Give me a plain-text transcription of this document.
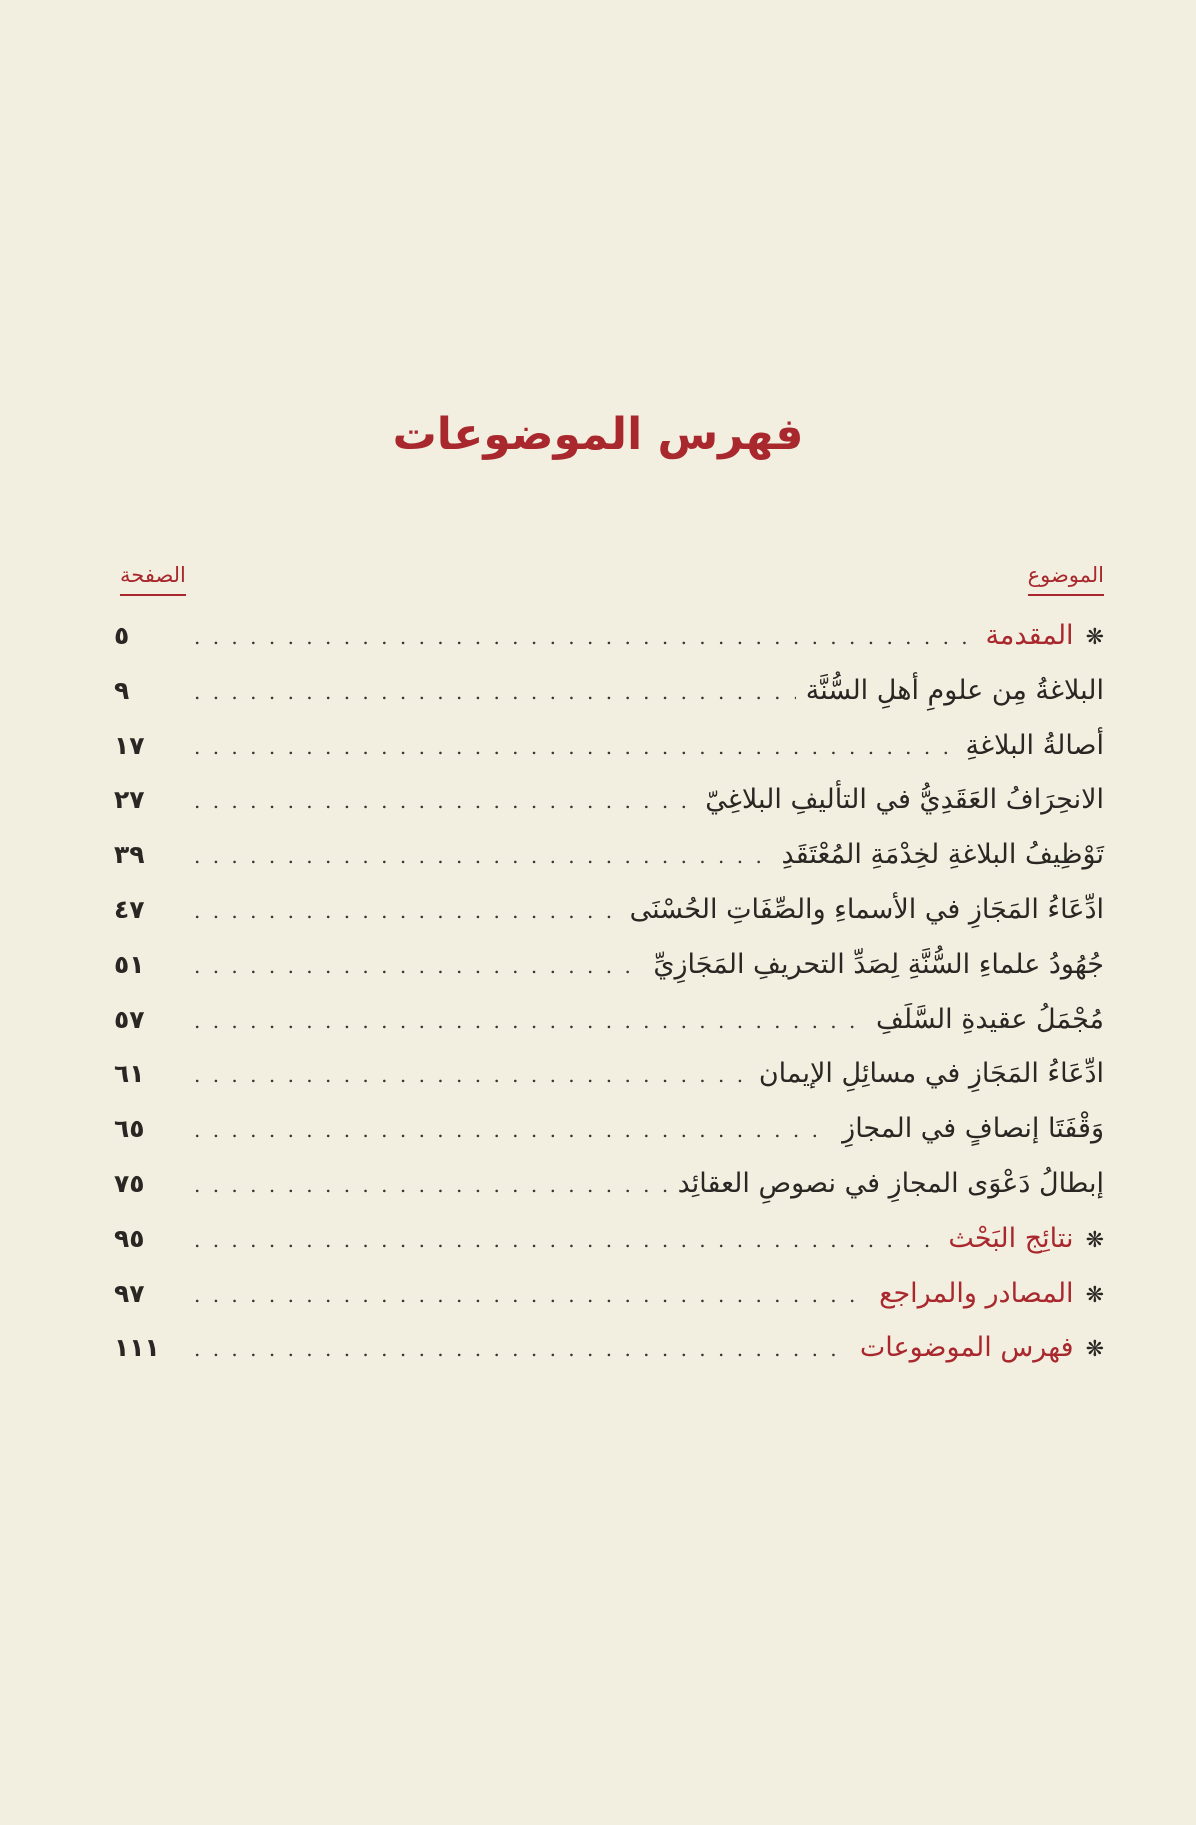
فهرس الموضوعات
الموضوع
الصفحة
❋المقدمة
. . .
٥
البلاغةُ مِن علومِ أهلِ السُّنَّة
. . .
٩
أصالةُ البلاغةِ
. . .
١٧
الانحِرَافُ العَقَدِيُّ في التأليفِ البلاغِيّ
. . .
٢٧
تَوْظِيفُ البلاغةِ لخِدْمَةِ المُعْتَقَدِ
. . .
٣٩
ادِّعَاءُ المَجَازِ في الأسماءِ والصِّفَاتِ الحُسْنَى
. . .
٤٧
جُهُودُ علماءِ السُّنَّةِ لِصَدِّ التحريفِ المَجَازِيِّ
. . .
٥١
مُجْمَلُ عقيدةِ السَّلَفِ
. . .
٥٧
ادِّعَاءُ المَجَازِ في مسائِلِ الإيمان
. . .
٦١
وَقْفَتَا إنصافٍ في المجازِ
. . .
٦٥
إبطالُ دَعْوَى المجازِ في نصوصِ العقائِد
. . .
٧٥
❋نتائِج البَحْث
. . .
٩٥
❋المصادر والمراجع
. . .
٩٧
❋فهرس الموضوعات
. . .
١١١
